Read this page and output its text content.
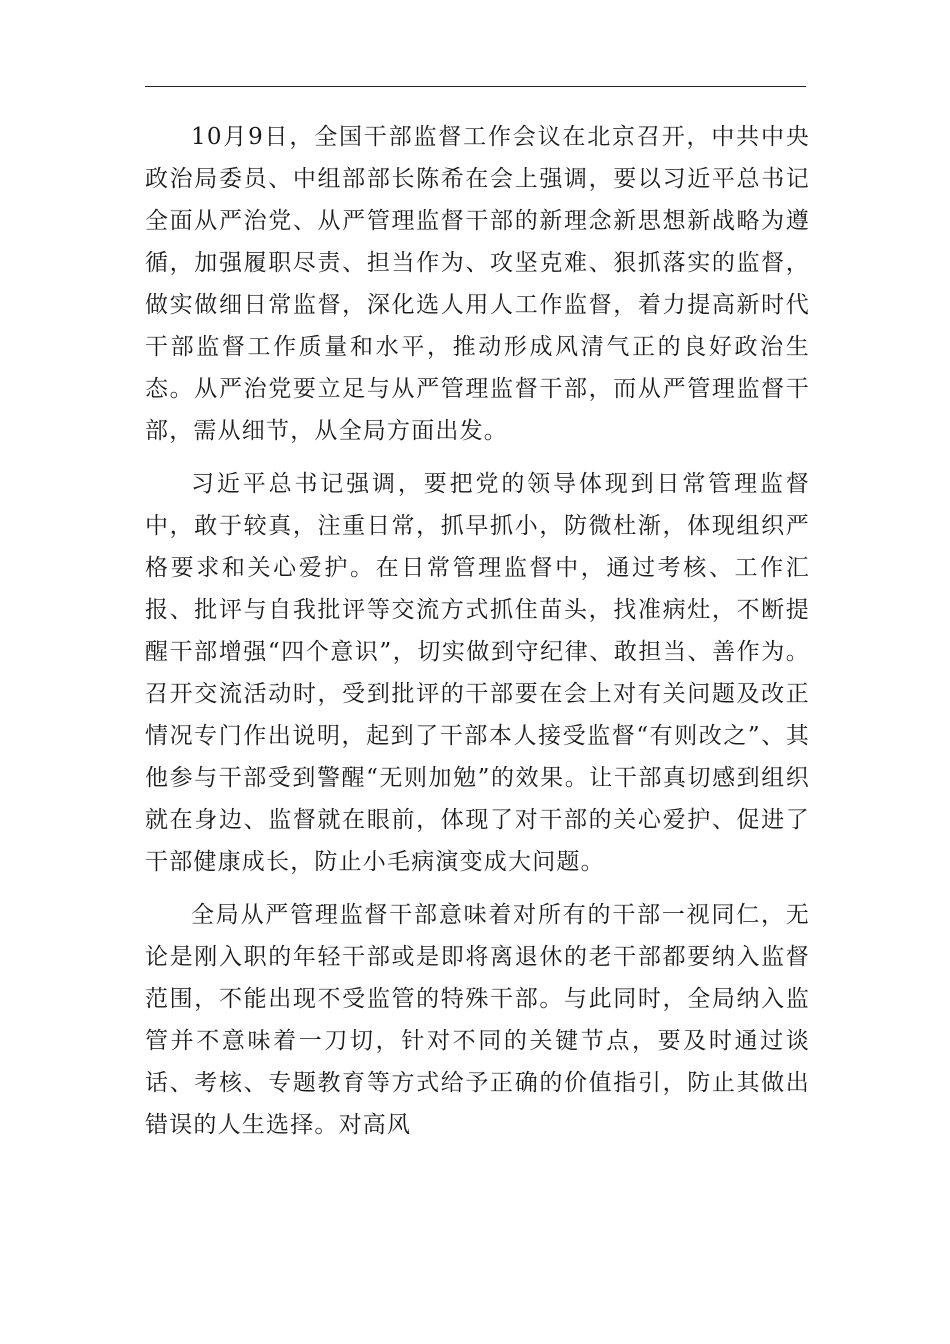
10月9日，全国干部监督工作会议在北京召开，中共中央政治局委员、中组部部长陈希在会上强调，要以习近平总书记全面从严治党、从严管理监督干部的新理念新思想新战略为遵循，加强履职尽责、担当作为、攻坚克难、狠抓落实的监督，做实做细日常监督，深化选人用人工作监督，着力提高新时代干部监督工作质量和水平，推动形成风清气正的良好政治生态。从严治党要立足与从严管理监督干部，而从严管理监督干部，需从细节，从全局方面出发。

习近平总书记强调，要把党的领导体现到日常管理监督中，敢于较真，注重日常，抓早抓小，防微杜渐，体现组织严格要求和关心爱护。在日常管理监督中，通过考核、工作汇报、批评与自我批评等交流方式抓住苗头，找准病灶，不断提醒干部增强“四个意识”，切实做到守纪律、敢担当、善作为。召开交流活动时，受到批评的干部要在会上对有关问题及改正情况专门作出说明，起到了干部本人接受监督“有则改之”、其他参与干部受到警醒“无则加勉”的效果。让干部真切感到组织就在身边、监督就在眼前，体现了对干部的关心爱护、促进了干部健康成长，防止小毛病演变成大问题。

全局从严管理监督干部意味着对所有的干部一视同仁，无论是刚入职的年轻干部或是即将离退休的老干部都要纳入监督范围，不能出现不受监管的特殊干部。与此同时，全局纳入监管并不意味着一刀切，针对不同的关键节点，要及时通过谈话、考核、专题教育等方式给予正确的价值指引，防止其做出错误的人生选择。对高风
